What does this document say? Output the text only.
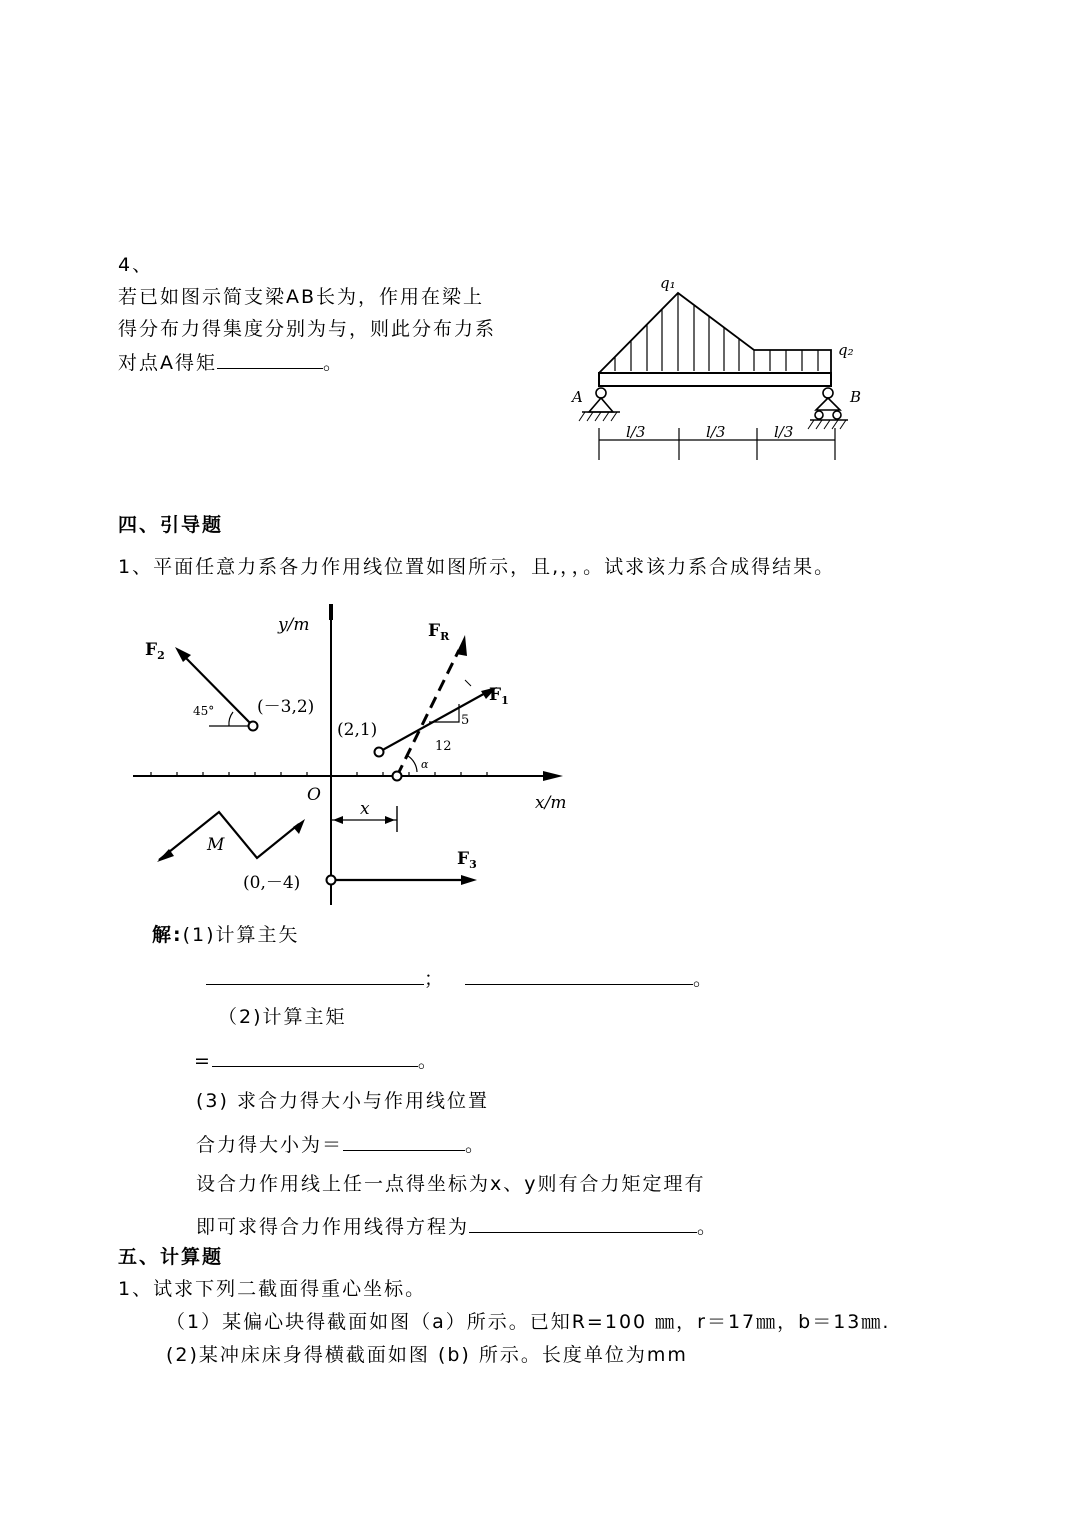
4、
若已如图示简支梁AB长为，作用在梁上
得分布力得集度分别为与，则此分布力系
对点A得矩	。
q₁
q₂
A	B
l/3	l/3	l/3
四、引导题
1、平面任意力系各力作用线位置如图所示，且,，，。试求该力系合成得结果。
y/m
x/m
O
$F_R$
$F_1$
$F_2$
$F_3$
45°	(－3,2)
(2,1)
(0,－4)
M
5
12
α
x
解:(1)计算主矢
；	。
（2)计算主矩
=	。
(3) 求合力得大小与作用线位置
合力得大小为＝	。
设合力作用线上任一点得坐标为x、y则有合力矩定理有
即可求得合力作用线得方程为	。
五、计算题
1、试求下列二截面得重心坐标。
（1）某偏心块得截面如图（a）所示。已知R=100 ㎜，r＝17㎜，b＝13㎜.
(2)某冲床床身得横截面如图 (b) 所示。长度单位为mm
